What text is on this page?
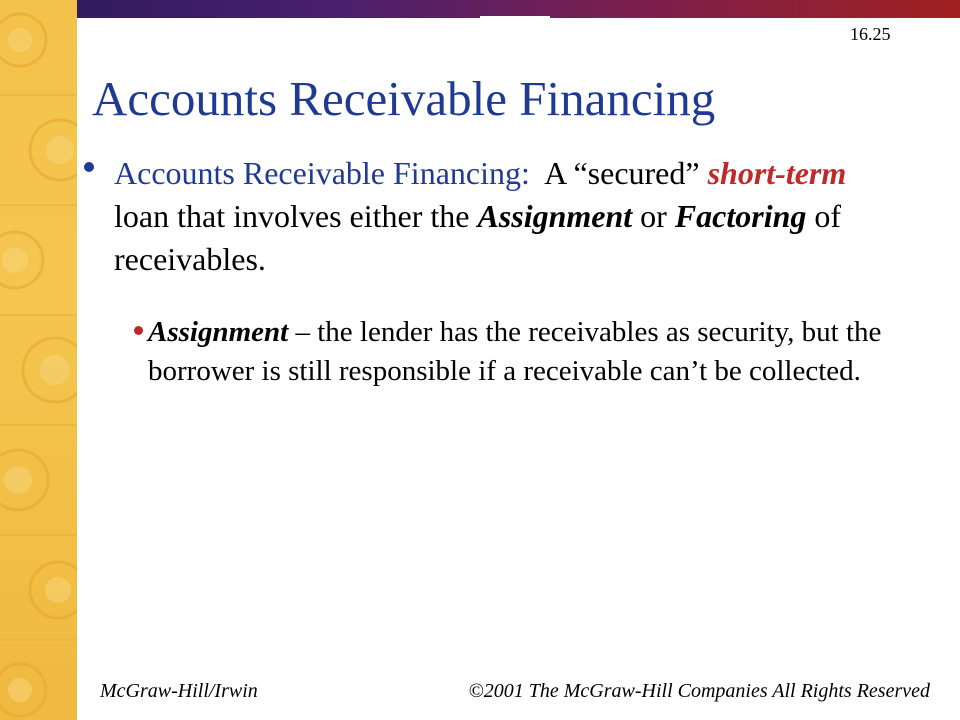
16.25
Accounts Receivable Financing
Accounts Receivable Financing: A “secured” short-term loan that involves either the Assignment or Factoring of receivables.
Assignment – the lender has the receivables as security, but the borrower is still responsible if a receivable can’t be collected.
McGraw-Hill/Irwin	©2001 The McGraw-Hill Companies All Rights Reserved
